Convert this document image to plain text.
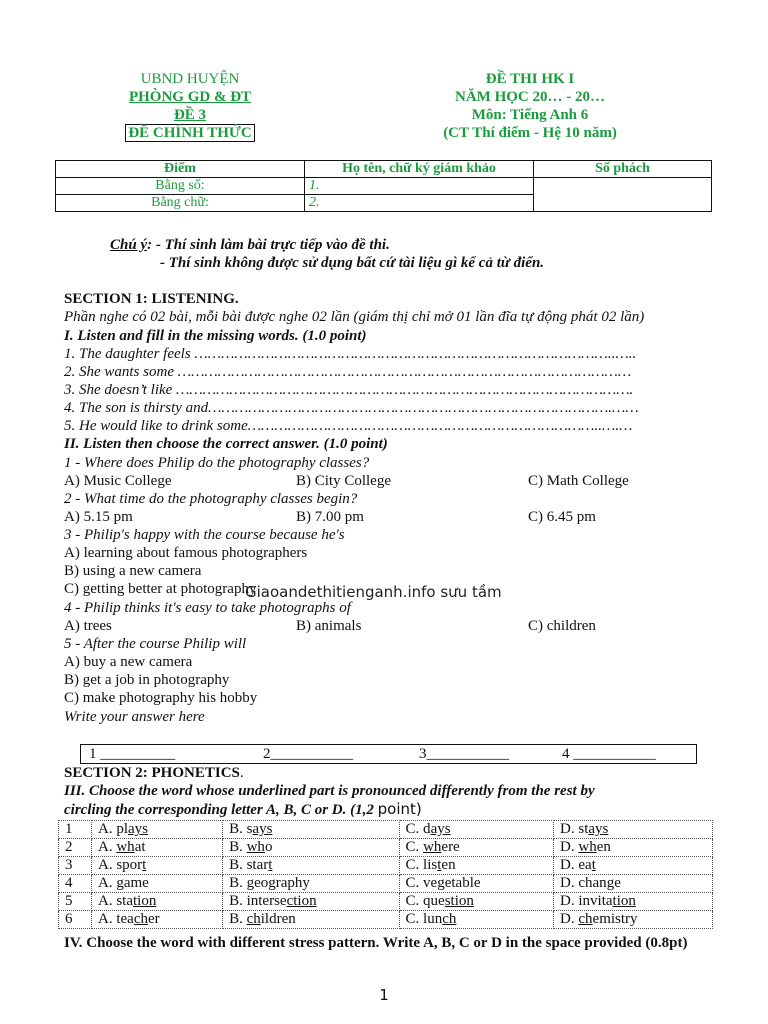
UBND HUYỆN
PHÒNG GD & ĐT
ĐỀ 3
ĐỀ CHÍNH THỨC
ĐỀ THI HK I
NĂM HỌC 20… - 20…
Môn: Tiếng Anh 6
(CT Thí điểm - Hệ 10 năm)
Điểm	Họ tên, chữ ký giám khảo	Số phách
Bằng số:	1.	
Bằng chữ:	2.	
Chú ý: - Thí sinh làm bài trực tiếp vào đề thi.
- Thí sinh không được sử dụng bất cứ tài liệu gì kể cả từ điển.
SECTION 1: LISTENING.
Phần nghe có 02 bài, mỗi bài được nghe 02 lần (giám thị chỉ mở 01 lần đĩa tự động phát 02 lần)
I. Listen and fill in the missing words. (1.0 point)
1. The daughter feels …………………………………………………………………………………..…..
2. She wants some …………………………………………………………………………………………
3. She doesn’t like ………………………………………………………………………………………….
4. The son is thirsty and……………………………………………………………………………….……
5. He would like to drink some……………………………………………………………………..….…
II. Listen then choose the correct answer. (1.0 point)
1 - Where does Philip do the photography classes?
A) Music College	B) City College	C) Math College
2 - What time do the photography classes begin?
A) 5.15 pm	B) 7.00 pm	C) 6.45 pm
3 - Philip's happy with the course because he's
A) learning about famous photographers
B) using a new camera
C) getting better at photography
4 - Philip thinks it's easy to take photographs of
A) trees	B) animals	C) children
5 - After the course Philip will
A) buy a new camera
B) get a job in photography
C) make photography his hobby
Write your answer here
Giaoandethitienganh.info sưu tầm
1 __________	2___________	3___________	4 ___________
SECTION 2: PHONETICS.
III. Choose the word whose underlined part is pronounced differently from the rest by
circling the corresponding letter A, B, C or D. (1,2 point)
1	A. plays	B. says	C. days	D. stays
2	A. what	B. who	C. where	D. when
3	A. sport	B. start	C. listen	D. eat
4	A. game	B. geography	C. vegetable	D. change
5	A. station	B. intersection	C. question	D. invitation
6	A. teacher	B. children	C. lunch	D. chemistry
IV. Choose the word with different stress pattern. Write A, B, C or D in the space provided (0.8pt)
1
